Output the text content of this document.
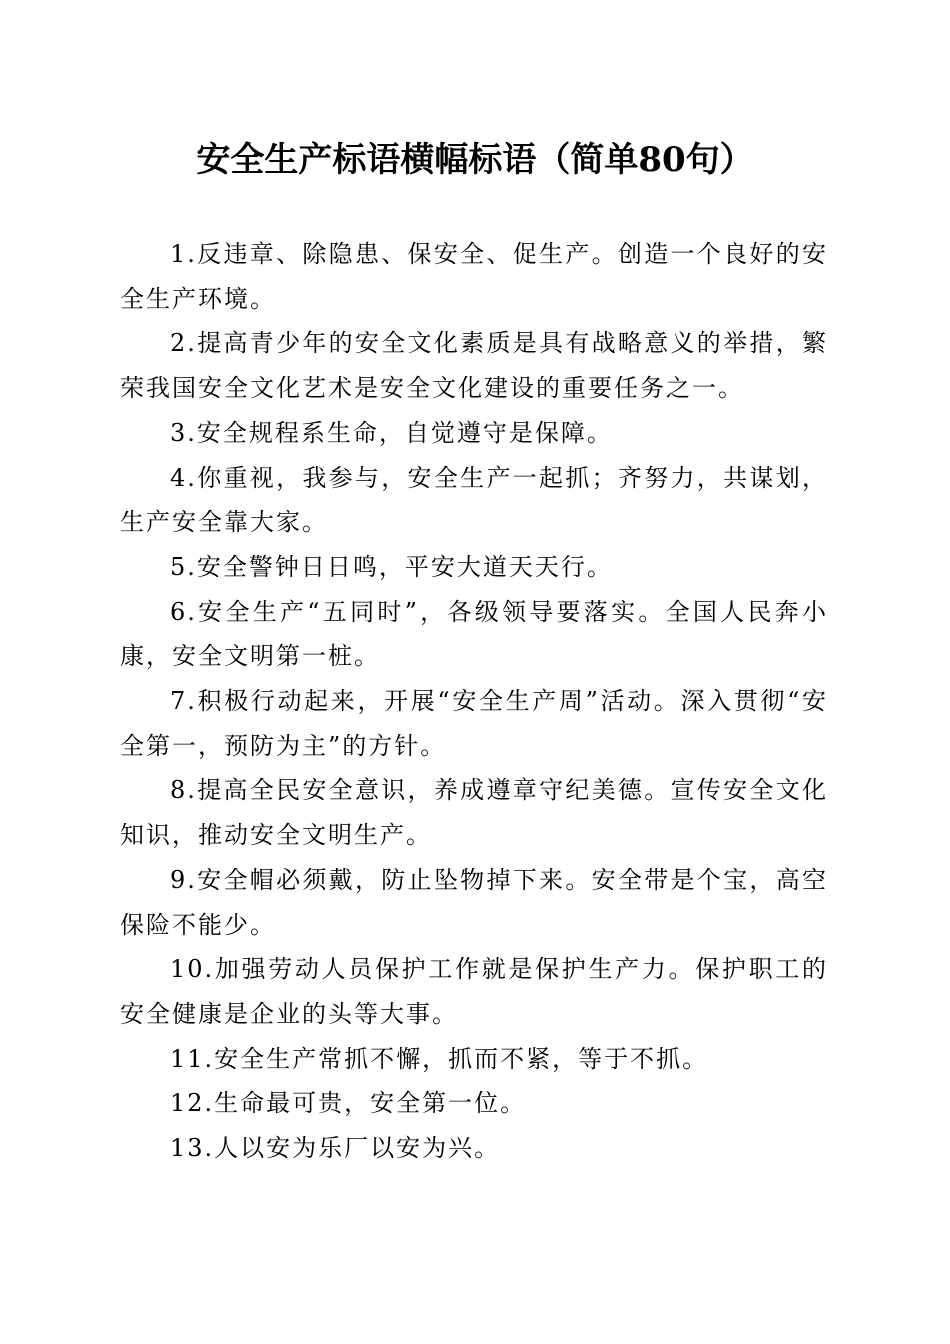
安全生产标语横幅标语（简单80句）

1.反违章、除隐患、保安全、促生产。创造一个良好的安全生产环境。

2.提高青少年的安全文化素质是具有战略意义的举措，繁荣我国安全文化艺术是安全文化建设的重要任务之一。

3.安全规程系生命，自觉遵守是保障。

4.你重视，我参与，安全生产一起抓；齐努力，共谋划，生产安全靠大家。

5.安全警钟日日鸣，平安大道天天行。

6.安全生产“五同时”，各级领导要落实。全国人民奔小康，安全文明第一桩。

7.积极行动起来，开展“安全生产周”活动。深入贯彻“安全第一，预防为主”的方针。

8.提高全民安全意识，养成遵章守纪美德。宣传安全文化知识，推动安全文明生产。

9.安全帽必须戴，防止坠物掉下来。安全带是个宝，高空保险不能少。

10.加强劳动人员保护工作就是保护生产力。保护职工的安全健康是企业的头等大事。

11.安全生产常抓不懈，抓而不紧，等于不抓。

12.生命最可贵，安全第一位。

13.人以安为乐厂以安为兴。
